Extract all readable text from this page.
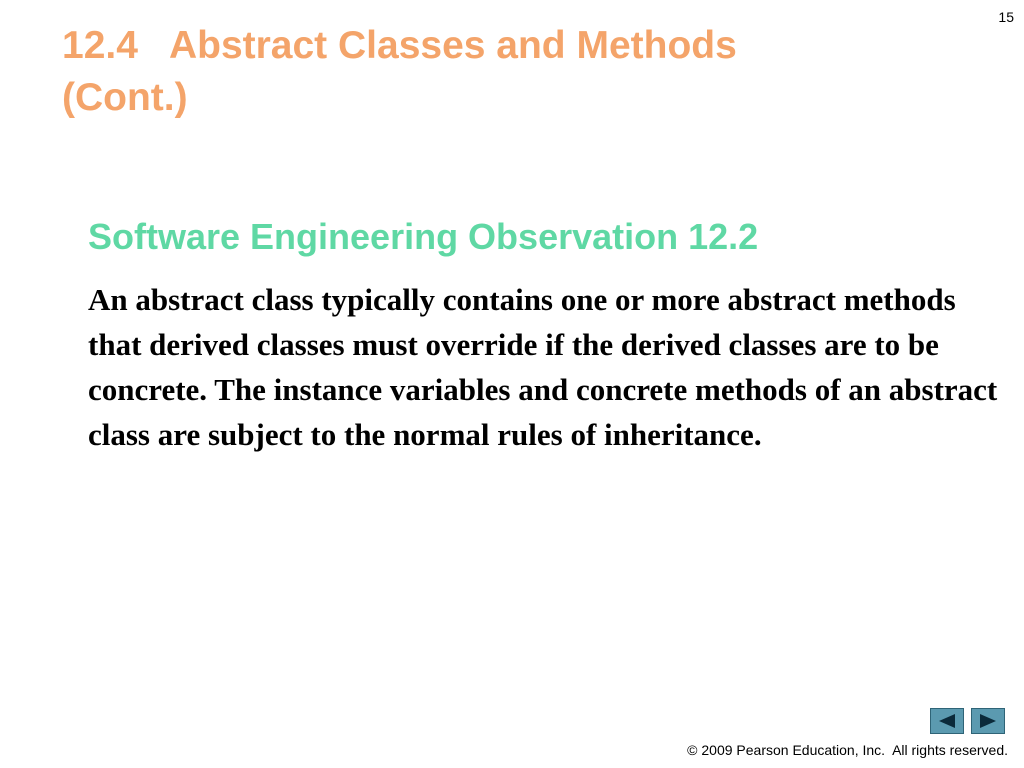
15
12.4   Abstract Classes and Methods
(Cont.)
Software Engineering Observation 12.2

An abstract class typically contains one or more abstract methods that derived classes must override if the derived classes are to be concrete. The instance variables and concrete methods of an abstract class are subject to the normal rules of inheritance.

© 2009 Pearson Education, Inc.  All rights reserved.
